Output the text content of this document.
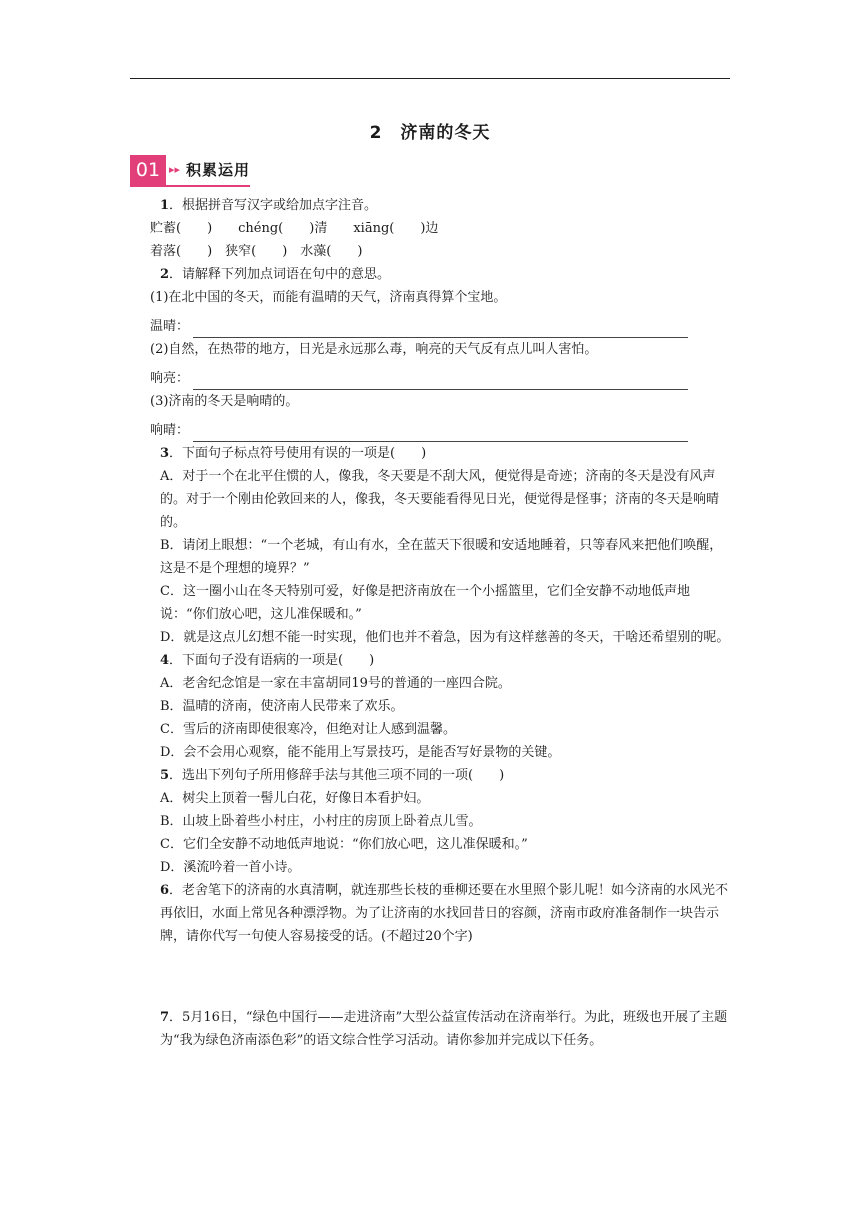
2　济南的冬天
01 ▸▸ 积累运用

1．根据拼音写汉字或给加点字注音。

贮蓄(　　)　　chéng(　　)清　　xiāng(　　)边

着落(　　)　狭窄(　　)　水藻(　　)

2．请解释下列加点词语在句中的意思。

(1)在北中国的冬天，而能有温晴的天气，济南真得算个宝地。

温晴：

(2)自然，在热带的地方，日光是永远那么毒，响亮的天气反有点儿叫人害怕。

响亮：

(3)济南的冬天是响晴的。

响晴：

3．下面句子标点符号使用有误的一项是(　　)

A．对于一个在北平住惯的人，像我，冬天要是不刮大风，便觉得是奇迹；济南的冬天是没有风声的。对于一个刚由伦敦回来的人，像我，冬天要能看得见日光，便觉得是怪事；济南的冬天是响晴的。

B．请闭上眼想：“一个老城，有山有水，全在蓝天下很暖和安适地睡着，只等春风来把他们唤醒，这是不是个理想的境界？”

C．这一圈小山在冬天特别可爱，好像是把济南放在一个小摇篮里，它们全安静不动地低声地说：“你们放心吧，这儿准保暖和。”

D．就是这点儿幻想不能一时实现，他们也并不着急，因为有这样慈善的冬天，干啥还希望别的呢。

4．下面句子没有语病的一项是(　　)

A．老舍纪念馆是一家在丰富胡同19号的普通的一座四合院。

B．温晴的济南，使济南人民带来了欢乐。

C．雪后的济南即使很寒冷，但绝对让人感到温馨。

D．会不会用心观察，能不能用上写景技巧，是能否写好景物的关键。

5．选出下列句子所用修辞手法与其他三项不同的一项(　　)

A．树尖上顶着一髻儿白花，好像日本看护妇。

B．山坡上卧着些小村庄，小村庄的房顶上卧着点儿雪。

C．它们全安静不动地低声地说：“你们放心吧，这儿准保暖和。”

D．溪流吟着一首小诗。

6．老舍笔下的济南的水真清啊，就连那些长枝的垂柳还要在水里照个影儿呢！如今济南的水风光不再依旧，水面上常见各种漂浮物。为了让济南的水找回昔日的容颜，济南市政府准备制作一块告示牌，请你代写一句使人容易接受的话。(不超过20个字)

7．5月16日，“绿色中国行——走进济南”大型公益宣传活动在济南举行。为此，班级也开展了主题为“我为绿色济南添色彩”的语文综合性学习活动。请你参加并完成以下任务。
